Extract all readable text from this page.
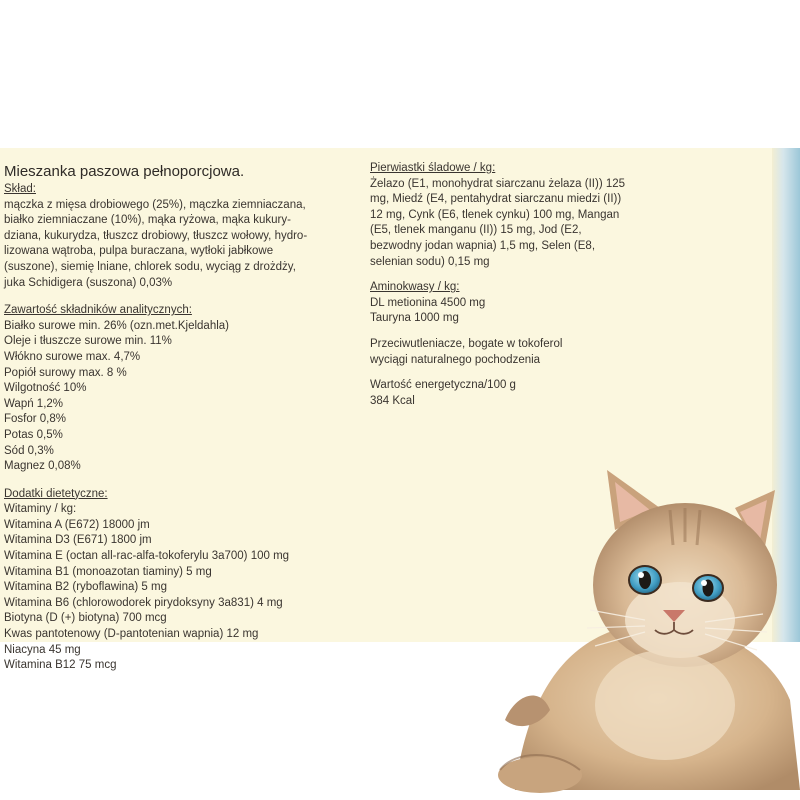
Mieszanka paszowa pełnoporcjowa.

Skład:

mączka z mięsa drobiowego (25%), mączka ziemniaczana,

białko ziemniaczane (10%), mąka ryżowa, mąka kukury-

dziana, kukurydza, tłuszcz drobiowy, tłuszcz wołowy, hydro-

lizowana wątroba, pulpa buraczana, wytłoki jabłkowe

(suszone), siemię lniane, chlorek sodu, wyciąg z drożdży,

juka Schidigera (suszona) 0,03%

Zawartość składników analitycznych:

Białko surowe min. 26% (ozn.met.Kjeldahla)

Oleje i tłuszcze surowe min. 11%

Włókno surowe max. 4,7%

Popiół surowy max. 8 %

Wilgotność 10%

Wapń 1,2%

Fosfor 0,8%

Potas 0,5%

Sód 0,3%

Magnez 0,08%

Dodatki dietetyczne:

Witaminy / kg:

Witamina A (E672) 18000 jm

Witamina D3 (E671) 1800 jm

Witamina E (octan all-rac-alfa-tokoferylu 3a700) 100 mg

Witamina B1 (monoazotan tiaminy) 5 mg

Witamina B2 (ryboflawina) 5 mg

Witamina B6 (chlorowodorek pirydoksyny 3a831) 4 mg

Biotyna (D (+) biotyna) 700 mcg

Kwas pantotenowy (D-pantotenian wapnia) 12 mg

Niacyna 45 mg

Witamina B12 75 mcg

Pierwiastki śladowe / kg:

Żelazo (E1, monohydrat siarczanu żelaza (II)) 125

mg, Miedź (E4, pentahydrat siarczanu miedzi (II))

12 mg, Cynk (E6, tlenek cynku) 100 mg, Mangan

(E5, tlenek manganu (II)) 15 mg, Jod (E2,

bezwodny jodan wapnia) 1,5 mg, Selen (E8,

selenian sodu) 0,15 mg

Aminokwasy / kg:

DL metionina 4500 mg

Tauryna 1000 mg

Przeciwutleniacze, bogate w tokoferol

wyciągi naturalnego pochodzenia

Wartość energetyczna/100 g

384 Kcal
